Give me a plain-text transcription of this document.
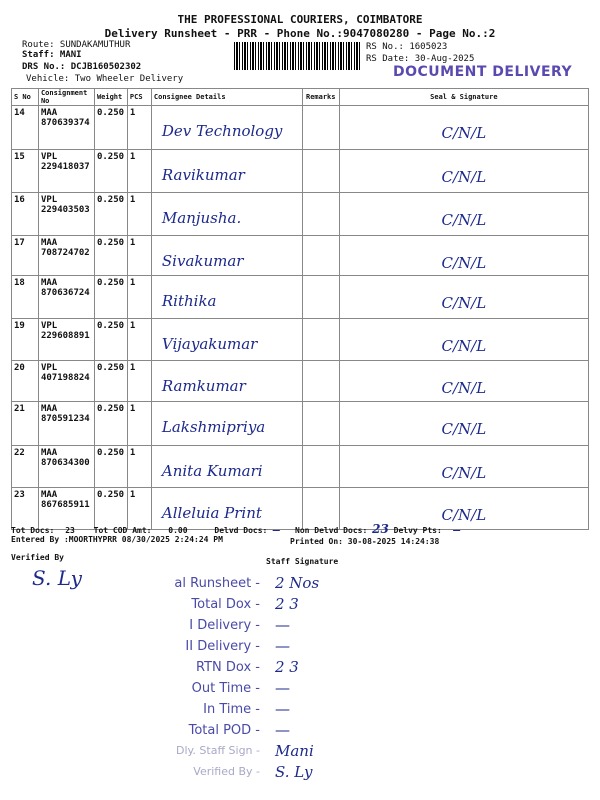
THE PROFESSIONAL COURIERS, COIMBATORE
Delivery Runsheet - PRR - Phone No.:9047080280 - Page No.:2
Route: SUNDAKAMUTHUR
Staff: MANI
DRS No.: DCJB160502302
Vehicle: Two Wheeler Delivery
RS No.: 1605023
RS Date: 30-Aug-2025
DOCUMENT DELIVERY
S No	Consignment No	Weight	PCS	Consignee Details	Remarks	Seal & Signature
14	MAA 870639374	0.250	1	Dev Technology		C/N/L
15	VPL 229418037	0.250	1	Ravikumar		C/N/L
16	VPL 229403503	0.250	1	Manjusha.		C/N/L
17	MAA 708724702	0.250	1	Sivakumar		C/N/L
18	MAA 870636724	0.250	1	Rithika		C/N/L
19	VPL 229608891	0.250	1	Vijayakumar		C/N/L
20	VPL 407198824	0.250	1	Ramkumar		C/N/L
21	MAA 870591234	0.250	1	Lakshmipriya		C/N/L
22	MAA 870634300	0.250	1	Anita Kumari		C/N/L
23	MAA 867685911	0.250	1	Alleluia Print		C/N/L
Tot Docs: 23 Tot COD Amt: 0.00	Delvd Docs: — Non Delvd Docs: 23 Delvy Pts: —
Entered By :MOORTHYPRR 08/30/2025 2:24:24 PM	Printed On: 30-08-2025 14:24:38
Verified By	Staff Signature
S. Ly	al Runsheet - 2 Nos
Total Dox - 2 3
I Delivery - —
II Delivery - —
RTN Dox - 2 3
Out Time - —
In Time - —
Total POD - —
Dly. Staff Sign - Mani
Verified By - S. Ly
